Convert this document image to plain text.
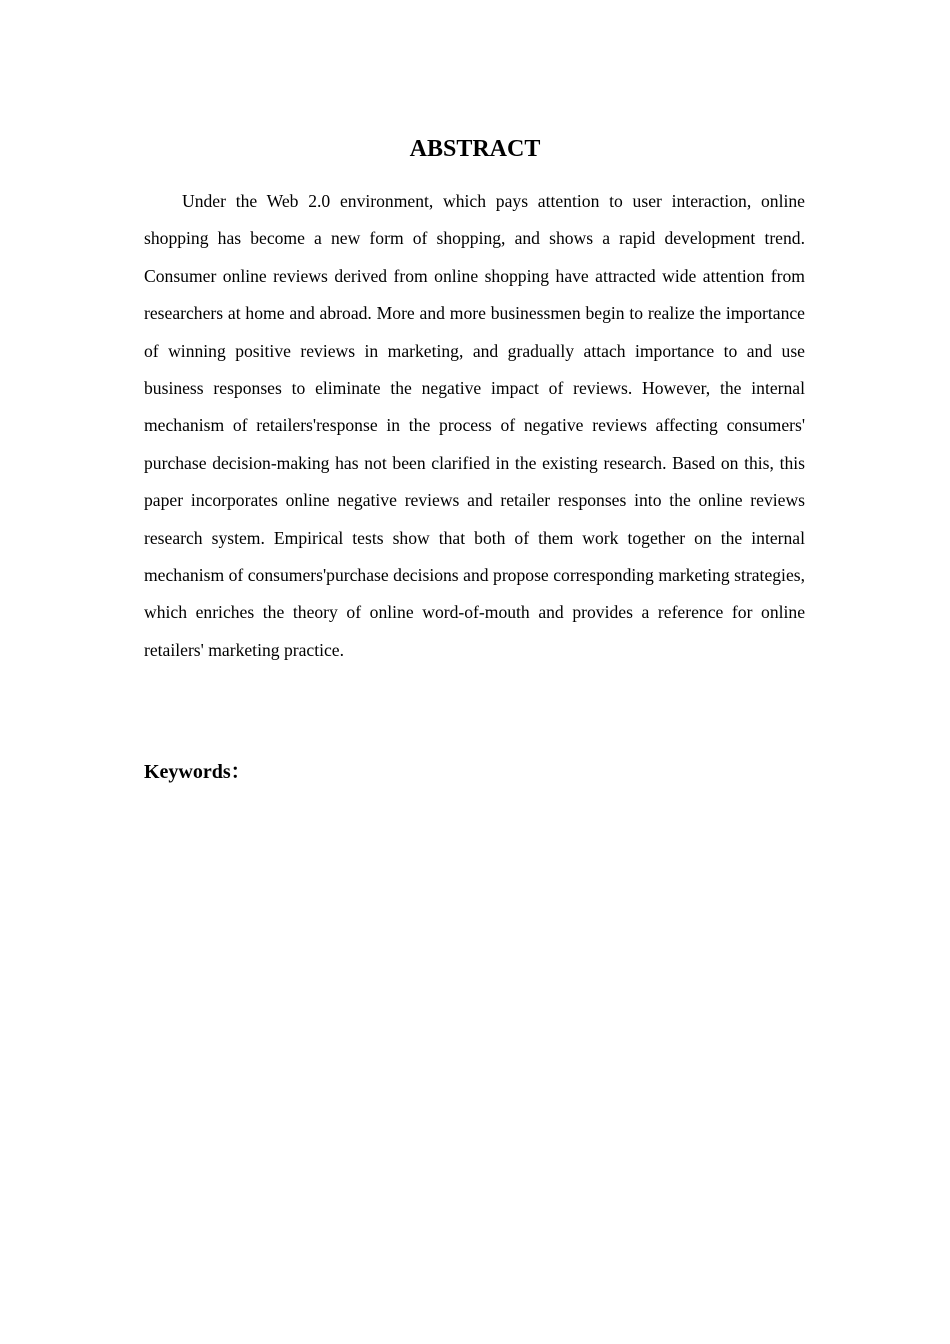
ABSTRACT

Under the Web 2.0 environment, which pays attention to user interaction, online shopping has become a new form of shopping, and shows a rapid development trend. Consumer online reviews derived from online shopping have attracted wide attention from researchers at home and abroad. More and more businessmen begin to realize the importance of winning positive reviews in marketing, and gradually attach importance to and use business responses to eliminate the negative impact of reviews. However, the internal mechanism of retailers'response in the process of negative reviews affecting consumers' purchase decision-making has not been clarified in the existing research. Based on this, this paper incorporates online negative reviews and retailer responses into the online reviews research system. Empirical tests show that both of them work together on the internal mechanism of consumers'purchase decisions and propose corresponding marketing strategies, which enriches the theory of online word-of-mouth and provides a reference for online retailers' marketing practice.

Keywords：
